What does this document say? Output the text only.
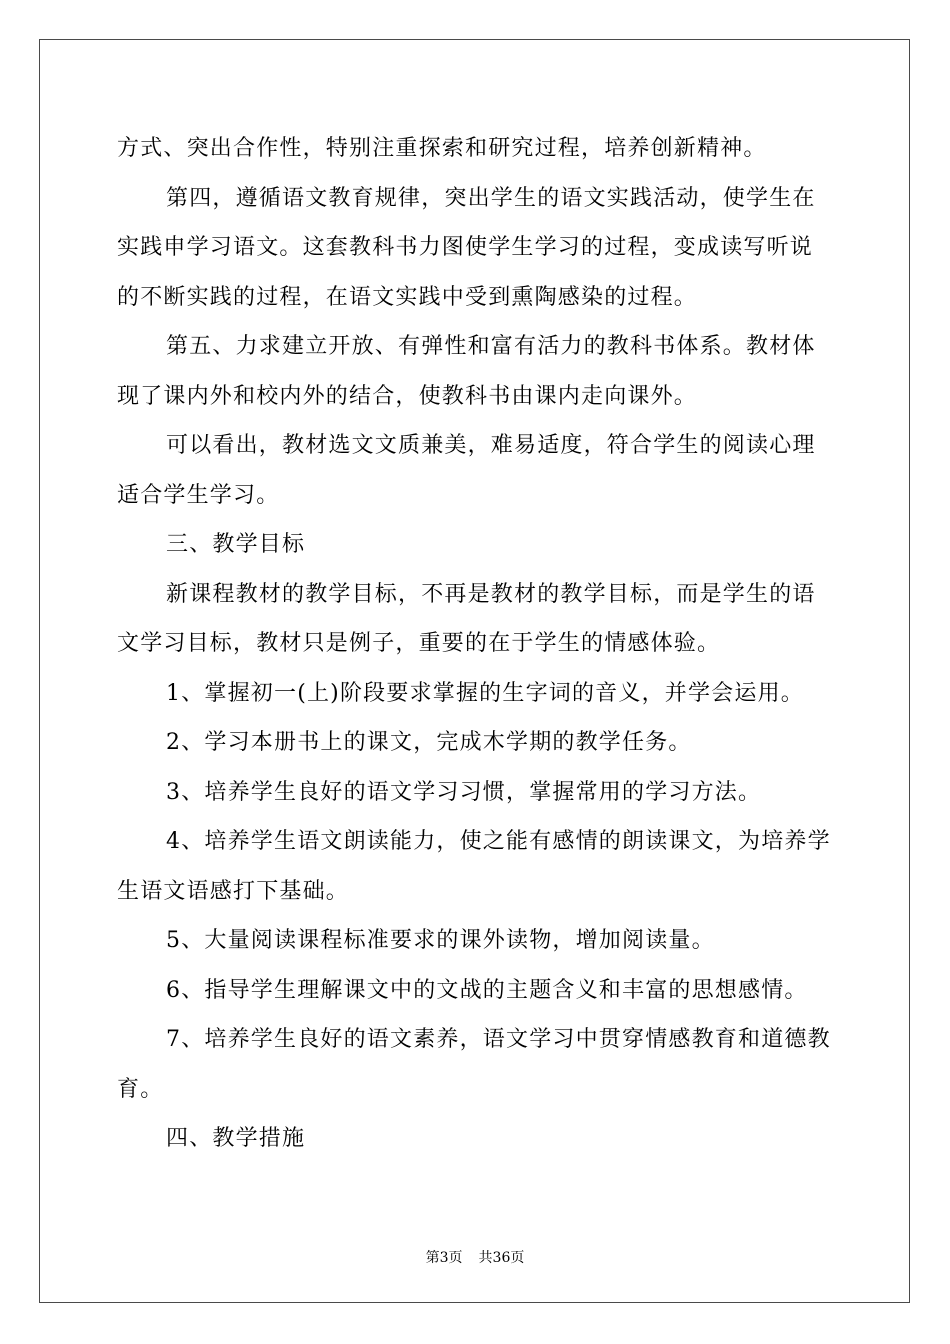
方式、突出合作性，特别注重探索和研究过程，培养创新精神。

第四，遵循语文教育规律，突出学生的语文实践活动，使学生在实践申学习语文。这套教科书力图使学生学习的过程，变成读写听说的不断实践的过程，在语文实践中受到熏陶感染的过程。

第五、力求建立开放、有弹性和富有活力的教科书体系。教材体现了课内外和校内外的结合，使教科书由课内走向课外。

可以看出，教材选文文质兼美，难易适度，符合学生的阅读心理适合学生学习。

三、教学目标

新课程教材的教学目标，不再是教材的教学目标，而是学生的语文学习目标，教材只是例子，重要的在于学生的情感体验。

1、掌握初一(上)阶段要求掌握的生字词的音义，并学会运用。

2、学习本册书上的课文，完成木学期的教学任务。

3、培养学生良好的语文学习习惯，掌握常用的学习方法。

4、培养学生语文朗读能力，使之能有感情的朗读课文，为培养学生语文语感打下基础。

5、大量阅读课程标准要求的课外读物，增加阅读量。

6、指导学生理解课文中的文战的主题含义和丰富的思想感情。

7、培养学生良好的语文素养，语文学习中贯穿情感教育和道德教育。

四、教学措施

第3页 共36页
